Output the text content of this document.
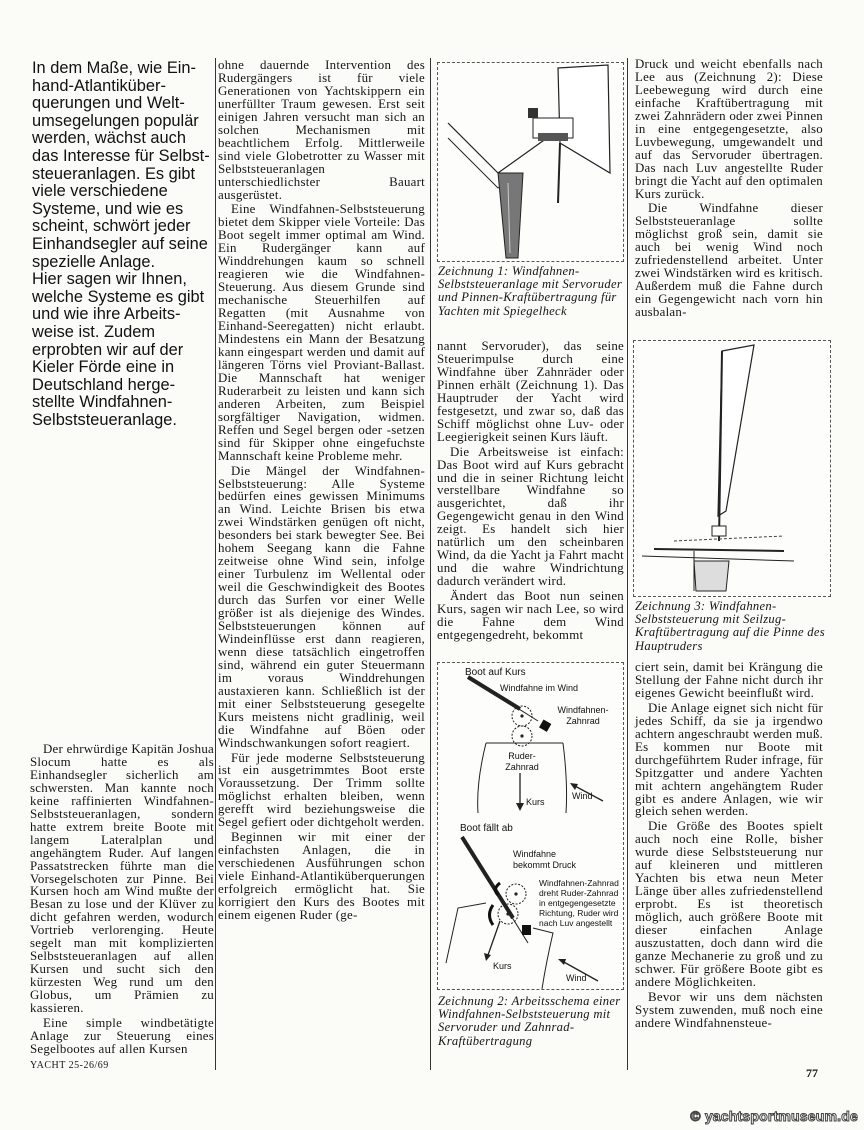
In dem Maße, wie Ein-
hand-Atlantiküber-
querungen und Welt-
umsegelungen populär
werden, wächst auch
das Interesse für Selbst-
steueranlagen. Es gibt
viele verschiedene
Systeme, und wie es
scheint, schwört jeder
Einhandsegler auf seine
spezielle Anlage.
Hier sagen wir Ihnen,
welche Systeme es gibt
und wie ihre Arbeits-
weise ist. Zudem
erprobten wir auf der
Kieler Förde eine in
Deutschland herge-
stellte Windfahnen-
Selbststeueranlage.

Der ehrwürdige Kapitän Joshua Slocum hatte es als Einhandsegler sicherlich am schwersten. Man kannte noch keine raffinierten Windfahnen-Selbststeueranlagen, sondern hatte extrem breite Boote mit langem Lateralplan und angehängtem Ruder. Auf langen Passatstrecken führte man die Vorsegelschoten zur Pinne. Bei Kursen hoch am Wind mußte der Besan zu lose und der Klüver zu dicht gefahren werden, wodurch Vortrieb verlorenging. Heute segelt man mit komplizierten Selbststeueranlagen auf allen Kursen und sucht sich den kürzesten Weg rund um den Globus, um Prämien zu kassieren.

Eine simple windbetätigte Anlage zur Steuerung eines Segelbootes auf allen Kursen

YACHT 25-26/69

ohne dauernde Intervention des Rudergängers ist für viele Generationen von Yachtskippern ein unerfüllter Traum gewesen. Erst seit einigen Jahren versucht man sich an solchen Mechanismen mit beachtlichem Erfolg. Mittlerweile sind viele Globetrotter zu Wasser mit Selbststeueranlagen unterschiedlichster Bauart ausgerüstet.

Eine Windfahnen-Selbststeuerung bietet dem Skipper viele Vorteile: Das Boot segelt immer optimal am Wind. Ein Rudergänger kann auf Winddrehungen kaum so schnell reagieren wie die Windfahnen-Steuerung. Aus diesem Grunde sind mechanische Steuerhilfen auf Regatten (mit Ausnahme von Einhand-Seeregatten) nicht erlaubt. Mindestens ein Mann der Besatzung kann eingespart werden und damit auf längeren Törns viel Proviant-Ballast. Die Mannschaft hat weniger Ruderarbeit zu leisten und kann sich anderen Arbeiten, zum Beispiel sorgfältiger Navigation, widmen. Reffen und Segel bergen oder -setzen sind für Skipper ohne eingefuchste Mannschaft keine Probleme mehr.

Die Mängel der Windfahnen-Selbststeuerung: Alle Systeme bedürfen eines gewissen Minimums an Wind. Leichte Brisen bis etwa zwei Windstärken genügen oft nicht, besonders bei stark bewegter See. Bei hohem Seegang kann die Fahne zeitweise ohne Wind sein, infolge einer Turbulenz im Wellental oder weil die Geschwindigkeit des Bootes durch das Surfen vor einer Welle größer ist als diejenige des Windes. Selbststeuerungen können auf Windeinflüsse erst dann reagieren, wenn diese tatsächlich eingetroffen sind, während ein guter Steuermann im voraus Winddrehungen austaxieren kann. Schließlich ist der mit einer Selbststeuerung gesegelte Kurs meistens nicht gradlinig, weil die Windfahne auf Böen oder Windschwankungen sofort reagiert.

Für jede moderne Selbststeuerung ist ein ausgetrimmtes Boot erste Voraussetzung. Der Trimm sollte möglichst erhalten bleiben, wenn gerefft wird beziehungsweise die Segel gefiert oder dichtgeholt werden.

Beginnen wir mit einer der einfachsten Anlagen, die in verschiedenen Ausführungen schon viele Einhand-Atlantiküberquerungen erfolgreich ermöglicht hat. Sie korrigiert den Kurs des Bootes mit einem eigenen Ruder (ge-

Zeichnung 1: Windfahnen-Selbststeueranlage mit Servoruder und Pinnen-Kraftübertragung für Yachten mit Spiegelheck

nannt Servoruder), das seine Steuerimpulse durch eine Windfahne über Zahnräder oder Pinnen erhält (Zeichnung 1). Das Hauptruder der Yacht wird festgesetzt, und zwar so, daß das Schiff möglichst ohne Luv- oder Leegierigkeit seinen Kurs läuft.

Die Arbeitsweise ist einfach: Das Boot wird auf Kurs gebracht und die in seiner Richtung leicht verstellbare Windfahne so ausgerichtet, daß ihr Gegengewicht genau in den Wind zeigt. Es handelt sich hier natürlich um den scheinbaren Wind, da die Yacht ja Fahrt macht und die wahre Windrichtung dadurch verändert wird.

Ändert das Boot nun seinen Kurs, sagen wir nach Lee, so wird die Fahne dem Wind entgegengedreht, bekommt

Boot auf Kurs
Windfahne im Wind
Windfahnen-Zahnrad
Ruder-Zahnrad
Kurs
Wind
Boot fällt ab
Windfahne bekommt Druck
Windfahnen-Zahnrad dreht Ruder-Zahnrad in entgegengesetzte Richtung, Ruder wird nach Luv angestellt
Kurs
Wind
Zeichnung 2: Arbeitsschema einer Windfahnen-Selbststeuerung mit Servoruder und Zahnrad-Kraftübertragung

Druck und weicht ebenfalls nach Lee aus (Zeichnung 2): Diese Leebewegung wird durch eine einfache Kraftübertragung mit zwei Zahnrädern oder zwei Pinnen in eine entgegengesetzte, also Luvbewegung, umgewandelt und auf das Servoruder übertragen. Das nach Luv angestellte Ruder bringt die Yacht auf den optimalen Kurs zurück.

Die Windfahne dieser Selbststeueranlage sollte möglichst groß sein, damit sie auch bei wenig Wind noch zufriedenstellend arbeitet. Unter zwei Windstärken wird es kritisch. Außerdem muß die Fahne durch ein Gegengewicht nach vorn hin ausbalan-

Zeichnung 3: Windfahnen-Selbststeuerung mit Seilzug-Kraftübertragung auf die Pinne des Hauptruders

ciert sein, damit bei Krängung die Stellung der Fahne nicht durch ihr eigenes Gewicht beeinflußt wird.

Die Anlage eignet sich nicht für jedes Schiff, da sie ja irgendwo achtern angeschraubt werden muß. Es kommen nur Boote mit durchgeführtem Ruder infrage, für Spitzgatter und andere Yachten mit achtern angehängtem Ruder gibt es andere Anlagen, wie wir gleich sehen werden.

Die Größe des Bootes spielt auch noch eine Rolle, bisher wurde diese Selbststeuerung nur auf kleineren und mittleren Yachten bis etwa neun Meter Länge über alles zufriedenstellend erprobt. Es ist theoretisch möglich, auch größere Boote mit dieser einfachen Anlage auszustatten, doch dann wird die ganze Mechanerie zu groß und zu schwer. Für größere Boote gibt es andere Möglichkeiten.

Bevor wir uns dem nächsten System zuwenden, muß noch eine andere Windfahnensteue-

77
© yachtsportmuseum.de
